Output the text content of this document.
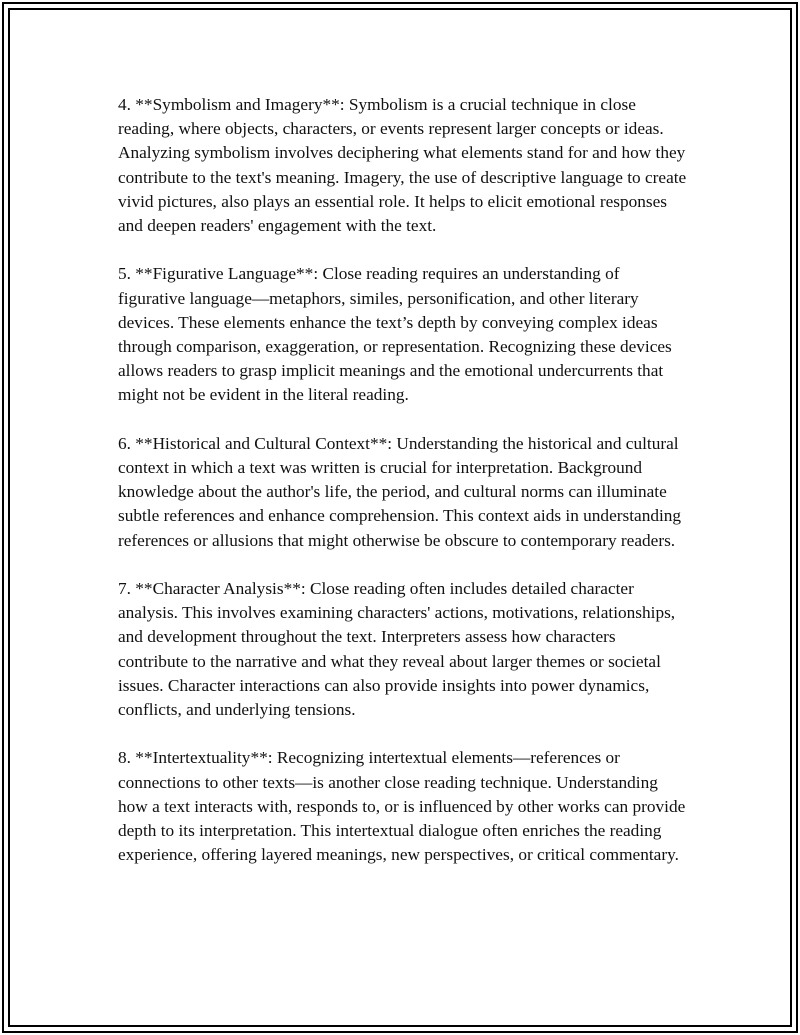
4. **Symbolism and Imagery**: Symbolism is a crucial technique in close reading, where objects, characters, or events represent larger concepts or ideas. Analyzing symbolism involves deciphering what elements stand for and how they contribute to the text's meaning. Imagery, the use of descriptive language to create vivid pictures, also plays an essential role. It helps to elicit emotional responses and deepen readers' engagement with the text.

5. **Figurative Language**: Close reading requires an understanding of figurative language—metaphors, similes, personification, and other literary devices. These elements enhance the text’s depth by conveying complex ideas through comparison, exaggeration, or representation. Recognizing these devices allows readers to grasp implicit meanings and the emotional undercurrents that might not be evident in the literal reading.

6. **Historical and Cultural Context**: Understanding the historical and cultural context in which a text was written is crucial for interpretation. Background knowledge about the author's life, the period, and cultural norms can illuminate subtle references and enhance comprehension. This context aids in understanding references or allusions that might otherwise be obscure to contemporary readers.

7. **Character Analysis**: Close reading often includes detailed character analysis. This involves examining characters' actions, motivations, relationships, and development throughout the text. Interpreters assess how characters contribute to the narrative and what they reveal about larger themes or societal issues. Character interactions can also provide insights into power dynamics, conflicts, and underlying tensions.

8. **Intertextuality**: Recognizing intertextual elements—references or connections to other texts—is another close reading technique. Understanding how a text interacts with, responds to, or is influenced by other works can provide depth to its interpretation. This intertextual dialogue often enriches the reading experience, offering layered meanings, new perspectives, or critical commentary.
